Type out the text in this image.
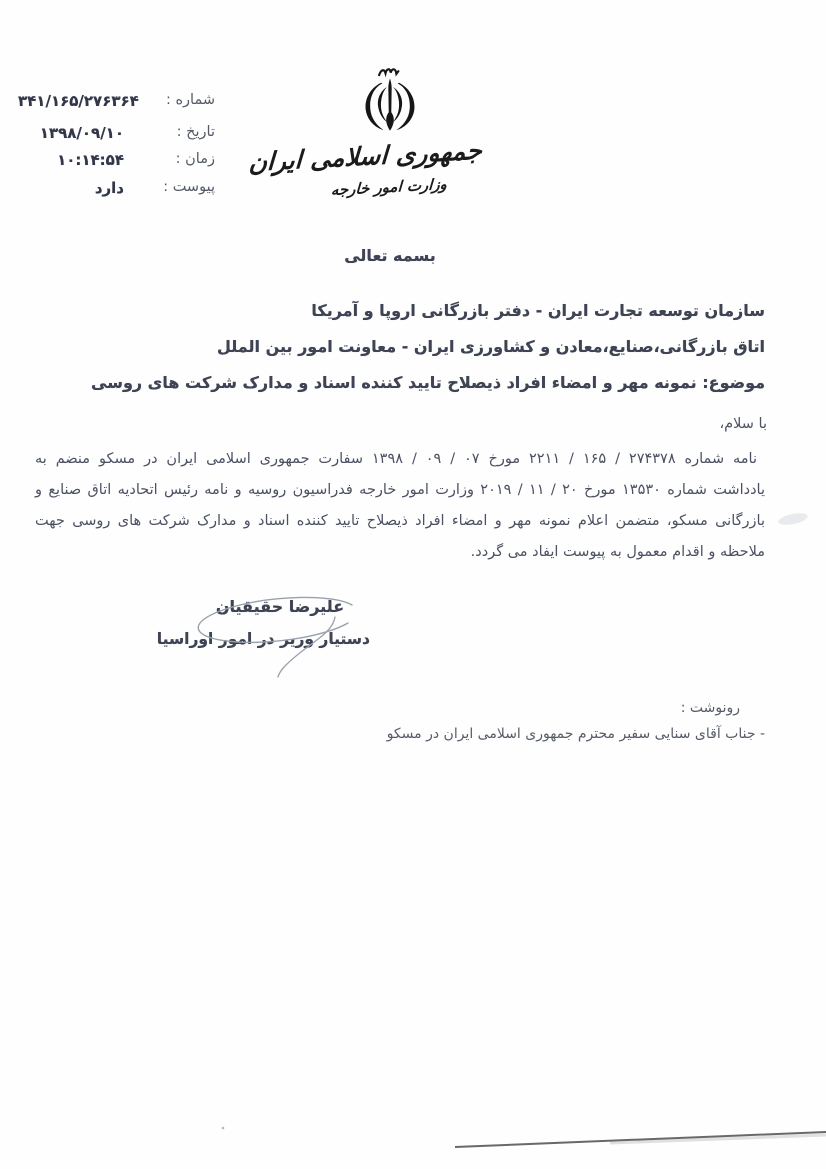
جمهوری اسلامی ایران
وزارت امور خارجه
شماره :
۳۴۱/۱۶۵/۲۷۶۳۶۴
تاریخ :
۱۳۹۸/۰۹/۱۰
زمان :
۱۰:۱۴:۵۴
پیوست :
دارد
بسمه تعالی
سازمان توسعه تجارت ایران - دفتر بازرگانی اروپا و آمریکا
اتاق بازرگانی،صنایع،معادن و کشاورزی ایران - معاونت امور بین الملل
موضوع: نمونه مهر و امضاء افراد ذیصلاح تایید کننده اسناد و مدارک شرکت های روسی
با سلام،
نامه شماره ۲۷۴۳۷۸ / ۱۶۵ / ۲۲۱۱ مورخ ۰۷ / ۰۹ / ۱۳۹۸ سفارت جمهوری اسلامی ایران در مسکو منضم به
یادداشت شماره ۱۳۵۳۰ مورخ ۲۰ / ۱۱ / ۲۰۱۹ وزارت امور خارجه فدراسیون روسیه و نامه رئیس اتحادیه اتاق صنایع و
بازرگانی مسکو، متضمن اعلام نمونه مهر و امضاء افراد ذیصلاح تایید کننده اسناد و مدارک شرکت های روسی جهت
ملاحظه و اقدام معمول به پیوست ایفاد می گردد.
علیرضا حقیقیان
دستیار وزیر در امور اوراسیا
رونوشت :
- جناب آقای سنایی سفیر محترم جمهوری اسلامی ایران در مسکو
